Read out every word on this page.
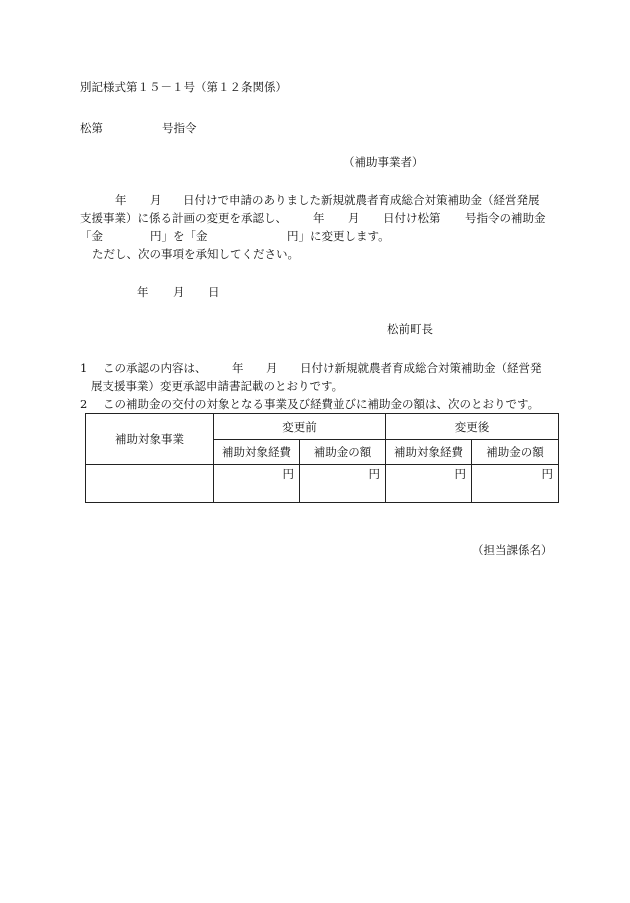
別記様式第１５－１号（第１２条関係）
松第	号指令
（補助事業者）
年 月 日付けで申請のありました新規就農者育成総合対策補助金（経営発展
支援事業）に係る計画の変更を承認し、 年 月 日付け松第 号指令の補助金
「金	円」を「金	円」に変更します。
ただし、次の事項を承知してください。
年 月 日
松前町長
1 この承認の内容は、 年 月 日付け新規就農者育成総合対策補助金（経営発
展支援事業）変更承認申請書記載のとおりです。
2 この補助金の交付の対象となる事業及び経費並びに補助金の額は、次のとおりです。
補助対象事業	変更前		変更後	
	補助対象経費	補助金の額	補助対象経費	補助金の額
	円	円	円	円
（担当課係名）
